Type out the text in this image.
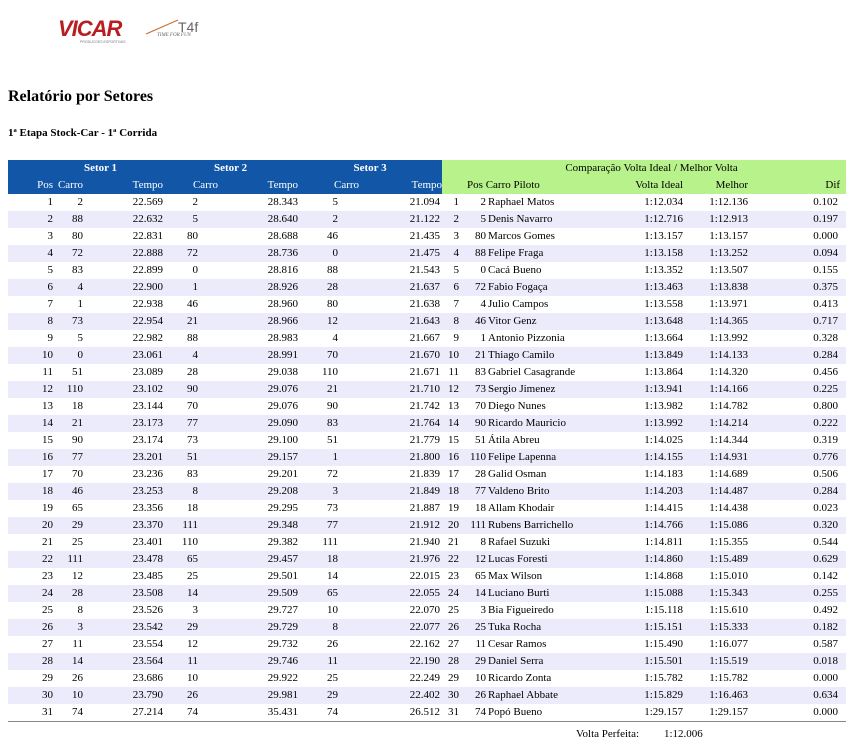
VICAR
PRODUCOES ESPORTIVAS
T4f
TIME FOR FUN
Relatório por Setores
1ª Etapa Stock-Car - 1ª Corrida
Setor 1			Setor 2		Setor 3		Comparação Volta Ideal / Melhor Volta					
Pos	Carro	Tempo	Carro	Tempo	Carro	Tempo	Pos Carro Piloto			Volta Ideal	Melhor	Dif
1	2	22.569	2	28.343	5	21.094	1	2	Raphael Matos	1:12.034	1:12.136	0.102
2	88	22.632	5	28.640	2	21.122	2	5	Denis Navarro	1:12.716	1:12.913	0.197
3	80	22.831	80	28.688	46	21.435	3	80	Marcos Gomes	1:13.157	1:13.157	0.000
4	72	22.888	72	28.736	0	21.475	4	88	Felipe Fraga	1:13.158	1:13.252	0.094
5	83	22.899	0	28.816	88	21.543	5	0	Cacá Bueno	1:13.352	1:13.507	0.155
6	4	22.900	1	28.926	28	21.637	6	72	Fabio Fogaça	1:13.463	1:13.838	0.375
7	1	22.938	46	28.960	80	21.638	7	4	Julio Campos	1:13.558	1:13.971	0.413
8	73	22.954	21	28.966	12	21.643	8	46	Vitor Genz	1:13.648	1:14.365	0.717
9	5	22.982	88	28.983	4	21.667	9	1	Antonio Pizzonia	1:13.664	1:13.992	0.328
10	0	23.061	4	28.991	70	21.670	10	21	Thiago Camilo	1:13.849	1:14.133	0.284
11	51	23.089	28	29.038	110	21.671	11	83	Gabriel Casagrande	1:13.864	1:14.320	0.456
12	110	23.102	90	29.076	21	21.710	12	73	Sergio Jimenez	1:13.941	1:14.166	0.225
13	18	23.144	70	29.076	90	21.742	13	70	Diego Nunes	1:13.982	1:14.782	0.800
14	21	23.173	77	29.090	83	21.764	14	90	Ricardo Mauricio	1:13.992	1:14.214	0.222
15	90	23.174	73	29.100	51	21.779	15	51	Átila Abreu	1:14.025	1:14.344	0.319
16	77	23.201	51	29.157	1	21.800	16	110	Felipe Lapenna	1:14.155	1:14.931	0.776
17	70	23.236	83	29.201	72	21.839	17	28	Galid Osman	1:14.183	1:14.689	0.506
18	46	23.253	8	29.208	3	21.849	18	77	Valdeno Brito	1:14.203	1:14.487	0.284
19	65	23.356	18	29.295	73	21.887	19	18	Allam Khodair	1:14.415	1:14.438	0.023
20	29	23.370	111	29.348	77	21.912	20	111	Rubens Barrichello	1:14.766	1:15.086	0.320
21	25	23.401	110	29.382	111	21.940	21	8	Rafael Suzuki	1:14.811	1:15.355	0.544
22	111	23.478	65	29.457	18	21.976	22	12	Lucas Foresti	1:14.860	1:15.489	0.629
23	12	23.485	25	29.501	14	22.015	23	65	Max Wilson	1:14.868	1:15.010	0.142
24	28	23.508	14	29.509	65	22.055	24	14	Luciano Burti	1:15.088	1:15.343	0.255
25	8	23.526	3	29.727	10	22.070	25	3	Bia Figueiredo	1:15.118	1:15.610	0.492
26	3	23.542	29	29.729	8	22.077	26	25	Tuka Rocha	1:15.151	1:15.333	0.182
27	11	23.554	12	29.732	26	22.162	27	11	Cesar Ramos	1:15.490	1:16.077	0.587
28	14	23.564	11	29.746	11	22.190	28	29	Daniel Serra	1:15.501	1:15.519	0.018
29	26	23.686	10	29.922	25	22.249	29	10	Ricardo Zonta	1:15.782	1:15.782	0.000
30	10	23.790	26	29.981	29	22.402	30	26	Raphael Abbate	1:15.829	1:16.463	0.634
31	74	27.214	74	35.431	74	26.512	31	74	Popó Bueno	1:29.157	1:29.157	0.000
Volta Perfeita: 1:12.006
